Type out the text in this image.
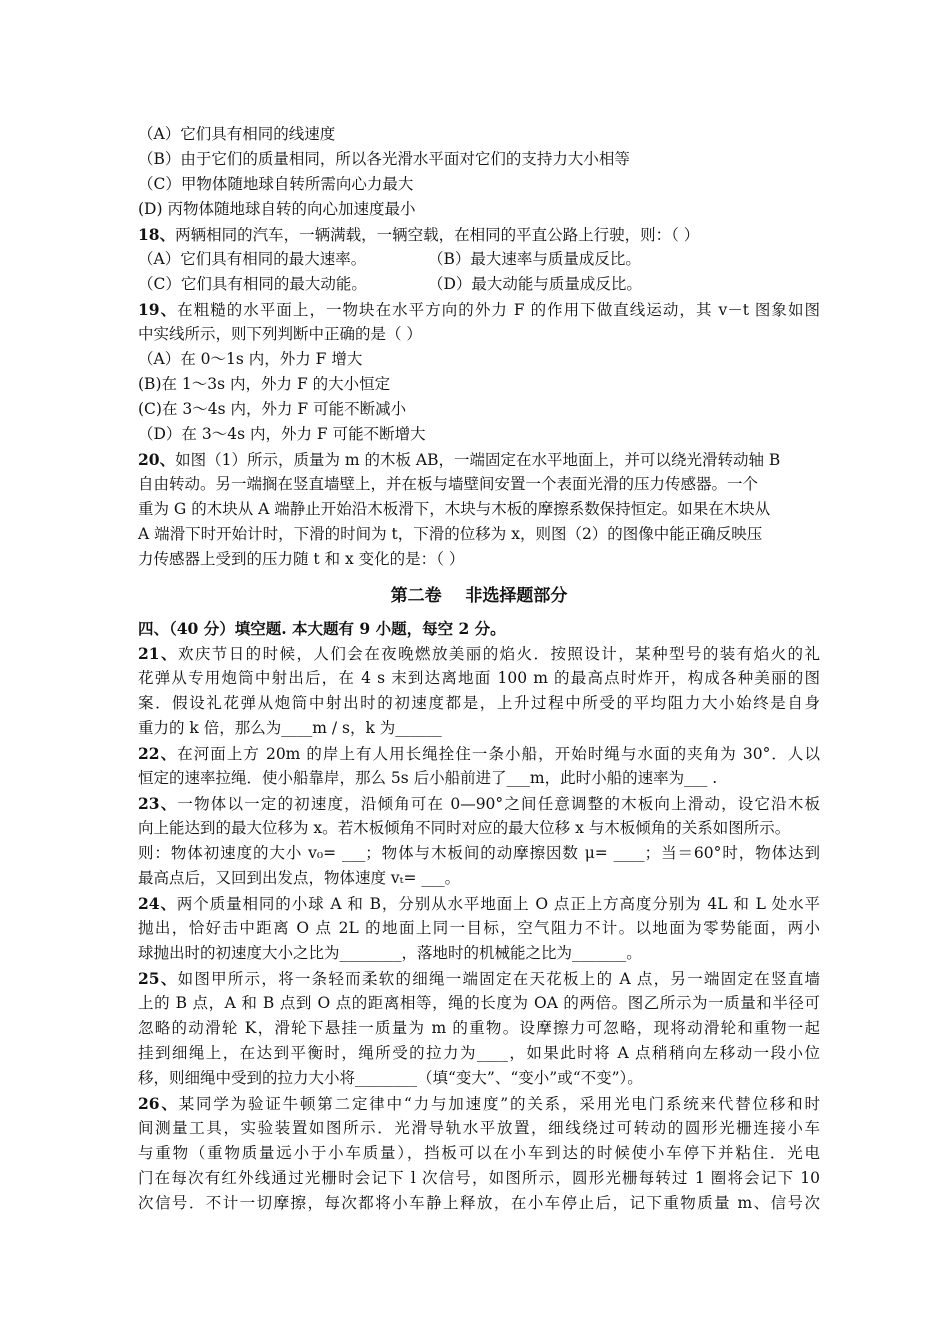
（A）它们具有相同的线速度
（B）由于它们的质量相同，所以各光滑水平面对它们的支持力大小相等
（C）甲物体随地球自转所需向心力最大
(D) 丙物体随地球自转的向心加速度最小
18、两辆相同的汽车，一辆满载，一辆空载，在相同的平直公路上行驶，则：（ ）
（A）它们具有相同的最大速率。	（B）最大速率与质量成反比。
（C）它们具有相同的最大动能。	（D）最大动能与质量成反比。
19、在粗糙的水平面上，一物块在水平方向的外力 F 的作用下做直线运动，其 v－t 图象如图
中实线所示，则下列判断中正确的是（ ）
（A）在 0～1s 内，外力 F 增大
(B)在 1～3s 内，外力 F 的大小恒定
(C)在 3～4s 内，外力 F 可能不断减小
（D）在 3～4s 内，外力 F 可能不断增大
20、如图（1）所示，质量为 m 的木板 AB，一端固定在水平地面上，并可以绕光滑转动轴 B
自由转动。另一端搁在竖直墙壁上，并在板与墙壁间安置一个表面光滑的压力传感器。一个
重为 G 的木块从 A 端静止开始沿木板滑下，木块与木板的摩擦系数保持恒定。如果在木块从
A 端滑下时开始计时，下滑的时间为 t，下滑的位移为 x，则图（2）的图像中能正确反映压
力传感器上受到的压力随 t 和 x 变化的是：（ ）
第二卷    非选择题部分
四、（40 分）填空题. 本大题有 9 小题，每空 2 分。
21、欢庆节日的时候，人们会在夜晚燃放美丽的焰火．按照设计，某种型号的装有焰火的礼
花弹从专用炮筒中射出后，在 4 s 末到达离地面 100 m 的最高点时炸开，构成各种美丽的图
案．假设礼花弹从炮筒中射出时的初速度都是，上升过程中所受的平均阻力大小始终是自身
重力的 k 倍，那么为____m / s，k 为______
22、在河面上方 20m 的岸上有人用长绳拴住一条小船，开始时绳与水面的夹角为 30°．人以
恒定的速率拉绳．使小船靠岸，那么 5s 后小船前进了___m，此时小船的速率为___ .
23、一物体以一定的初速度，沿倾角可在 0—90°之间任意调整的木板向上滑动，设它沿木板
向上能达到的最大位移为 x。若木板倾角不同时对应的最大位移 x 与木板倾角的关系如图所示。
则：物体初速度的大小 v₀= ___；物体与木板间的动摩擦因数 μ= ____；当＝60°时，物体达到
最高点后，又回到出发点，物体速度 vₜ= ___。
24、两个质量相同的小球 A 和 B，分别从水平地面上 O 点正上方高度分别为 4L 和 L 处水平
抛出，恰好击中距离 O 点 2L 的地面上同一目标，空气阻力不计。以地面为零势能面，两小
球抛出时的初速度大小之比为________，落地时的机械能之比为_______。
25、如图甲所示，将一条轻而柔软的细绳一端固定在天花板上的 A 点，另一端固定在竖直墙
上的 B 点，A 和 B 点到 O 点的距离相等，绳的长度为 OA 的两倍。图乙所示为一质量和半径可
忽略的动滑轮 K，滑轮下悬挂一质量为 m 的重物。设摩擦力可忽略，现将动滑轮和重物一起
挂到细绳上，在达到平衡时，绳所受的拉力为____，如果此时将 A 点稍稍向左移动一段小位
移，则细绳中受到的拉力大小将________（填“变大”、“变小”或“不变”）。
26、某同学为验证牛顿第二定律中“力与加速度”的关系，采用光电门系统来代替位移和时
间测量工具，实验装置如图所示．光滑导轨水平放置，细线绕过可转动的圆形光栅连接小车
与重物（重物质量远小于小车质量），挡板可以在小车到达的时候使小车停下并粘住．光电
门在每次有红外线通过光栅时会记下 l 次信号，如图所示，圆形光栅每转过 1 圈将会记下 10
次信号．不计一切摩擦，每次都将小车静上释放，在小车停止后，记下重物质量 m、信号次
